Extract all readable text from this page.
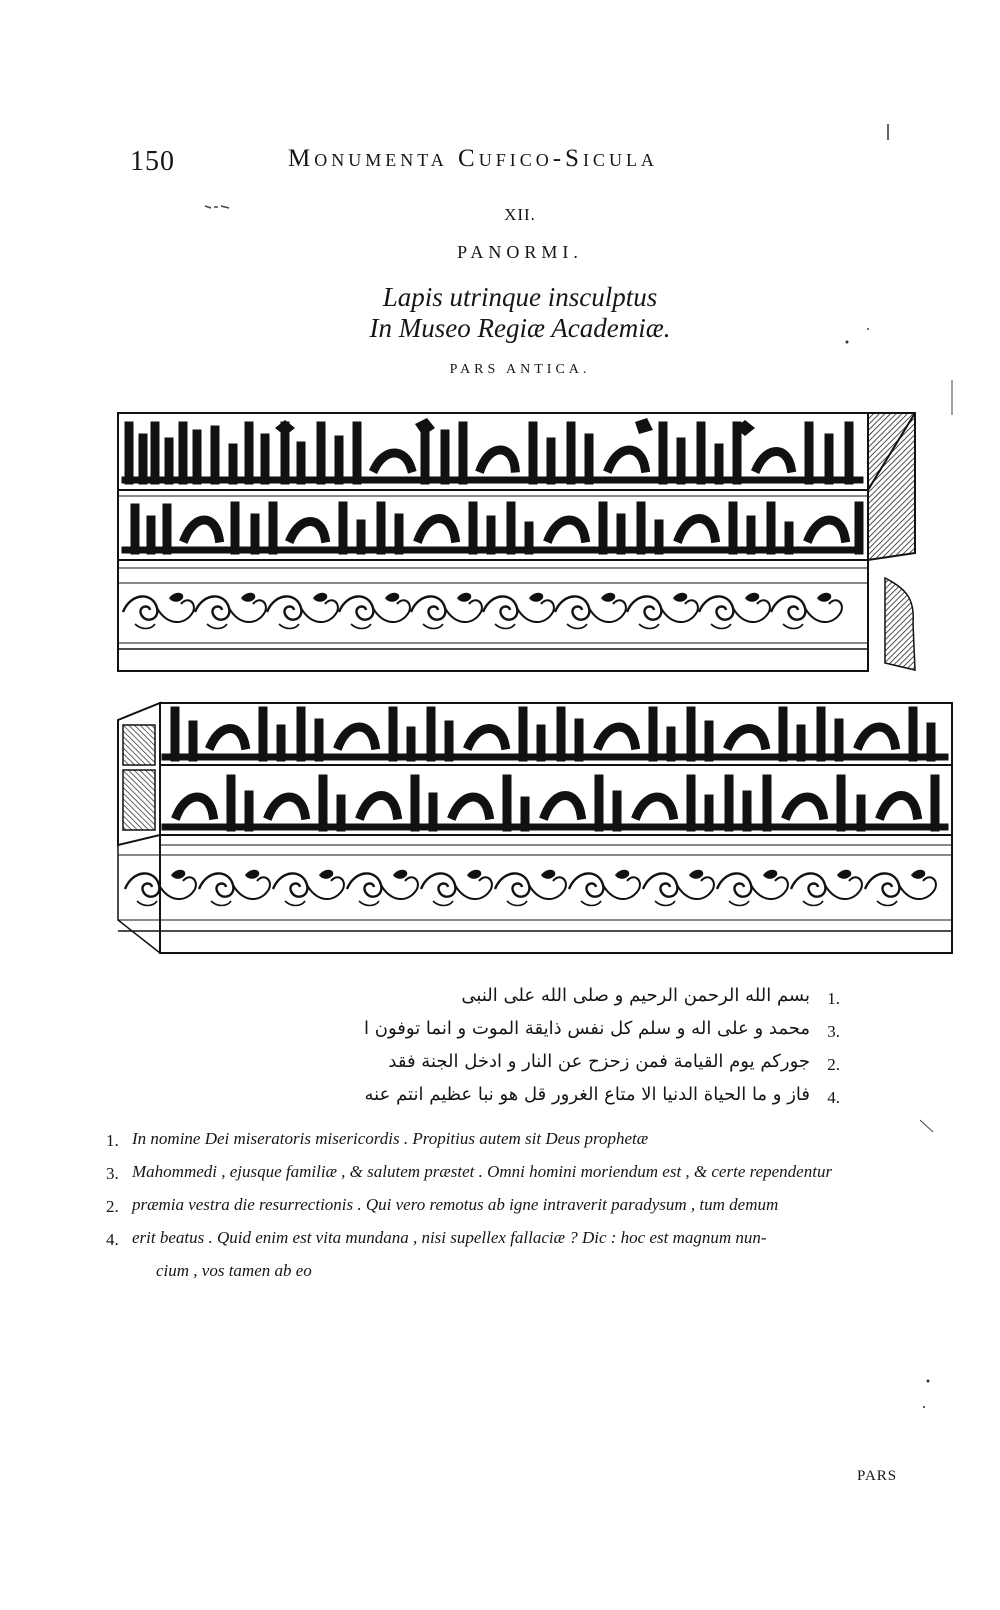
150	Monumenta Cufico-Sicula
XII.
PANORMI.
Lapis utrinque insculptus
In Museo Regiæ Academiæ.
PARS ANTICA.
1.
بسم الله الرحمن الرحيم و صلى الله على النبى
3.
محمد و على اله و سلم كل نفس ذايقة الموت و انما توفون ا
2.
جوركم يوم القيامة فمن زحزح عن النار و ادخل الجنة فقد
4.
فاز و ما الحياة الدنيا الا متاع الغرور قل هو نبا عظيم انتم عنه
1. In nomine Dei miseratoris misericordis . Propitius autem sit Deus prophetæ
3. Mahommedi , ejusque familiæ , & salutem præstet . Omni homini moriendum est , & certe rependentur
2. præmia vestra die resurrectionis . Qui vero remotus ab igne intraverit paradysum , tum demum
4. erit beatus . Quid enim est vita mundana , nisi supellex fallaciæ ? Dic : hoc est magnum nun-
cium , vos tamen ab eo
PARS
